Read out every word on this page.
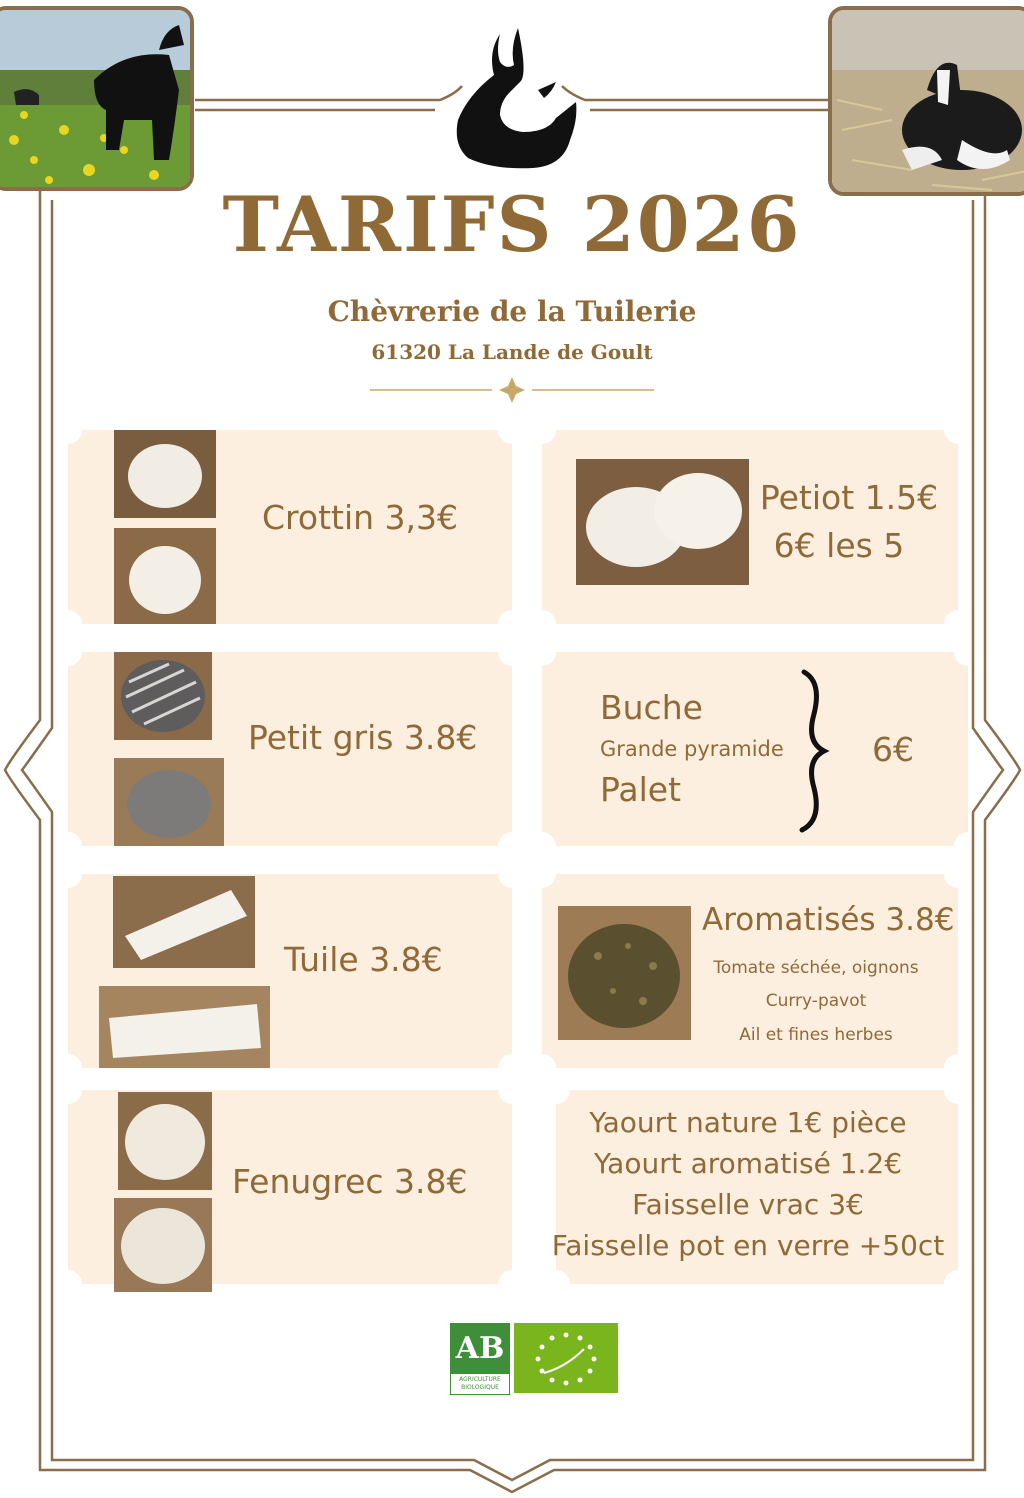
TARIFS 2026
Chèvrerie de la Tuilerie
61320 La Lande de Goult
Crottin 3,3€
Petiot 1.5€
6€ les 5
Petit gris 3.8€
Buche
Grande pyramide
Palet
6€
Tuile 3.8€
Aromatisés 3.8€
Tomate séchée, oignons
Curry-pavot
Ail et fines herbes
Fenugrec 3.8€
Yaourt nature 1€ pièce
Yaourt aromatisé 1.2€
Faisselle vrac 3€
Faisselle pot en verre +50ct
AB
AGRICULTURE
BIOLOGIQUE
